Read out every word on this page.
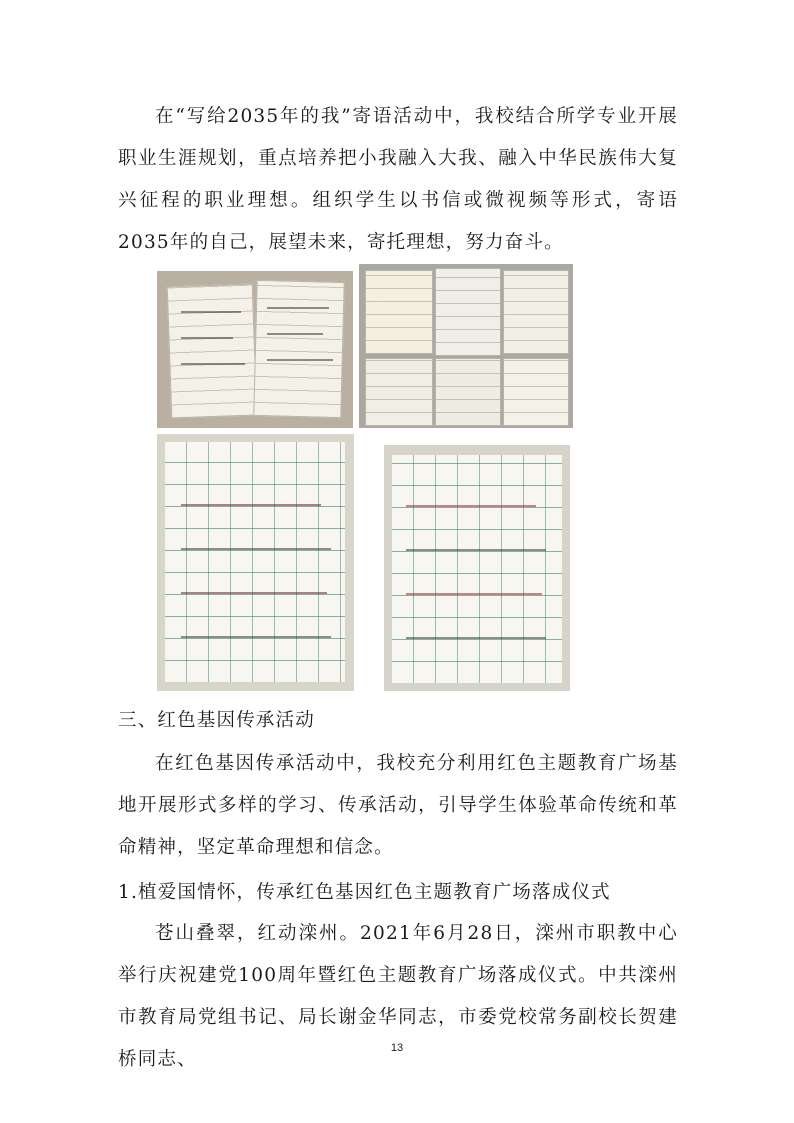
在“写给2035年的我”寄语活动中，我校结合所学专业开展职业生涯规划，重点培养把小我融入大我、融入中华民族伟大复兴征程的职业理想。组织学生以书信或微视频等形式，寄语2035年的自己，展望未来，寄托理想，努力奋斗。

三、红色基因传承活动

在红色基因传承活动中，我校充分利用红色主题教育广场基地开展形式多样的学习、传承活动，引导学生体验革命传统和革命精神，坚定革命理想和信念。

1.植爱国情怀，传承红色基因红色主题教育广场落成仪式

苍山叠翠，红动滦州。2021年6月28日，滦州市职教中心举行庆祝建党100周年暨红色主题教育广场落成仪式。中共滦州市教育局党组书记、局长谢金华同志，市委党校常务副校长贺建桥同志、

13
